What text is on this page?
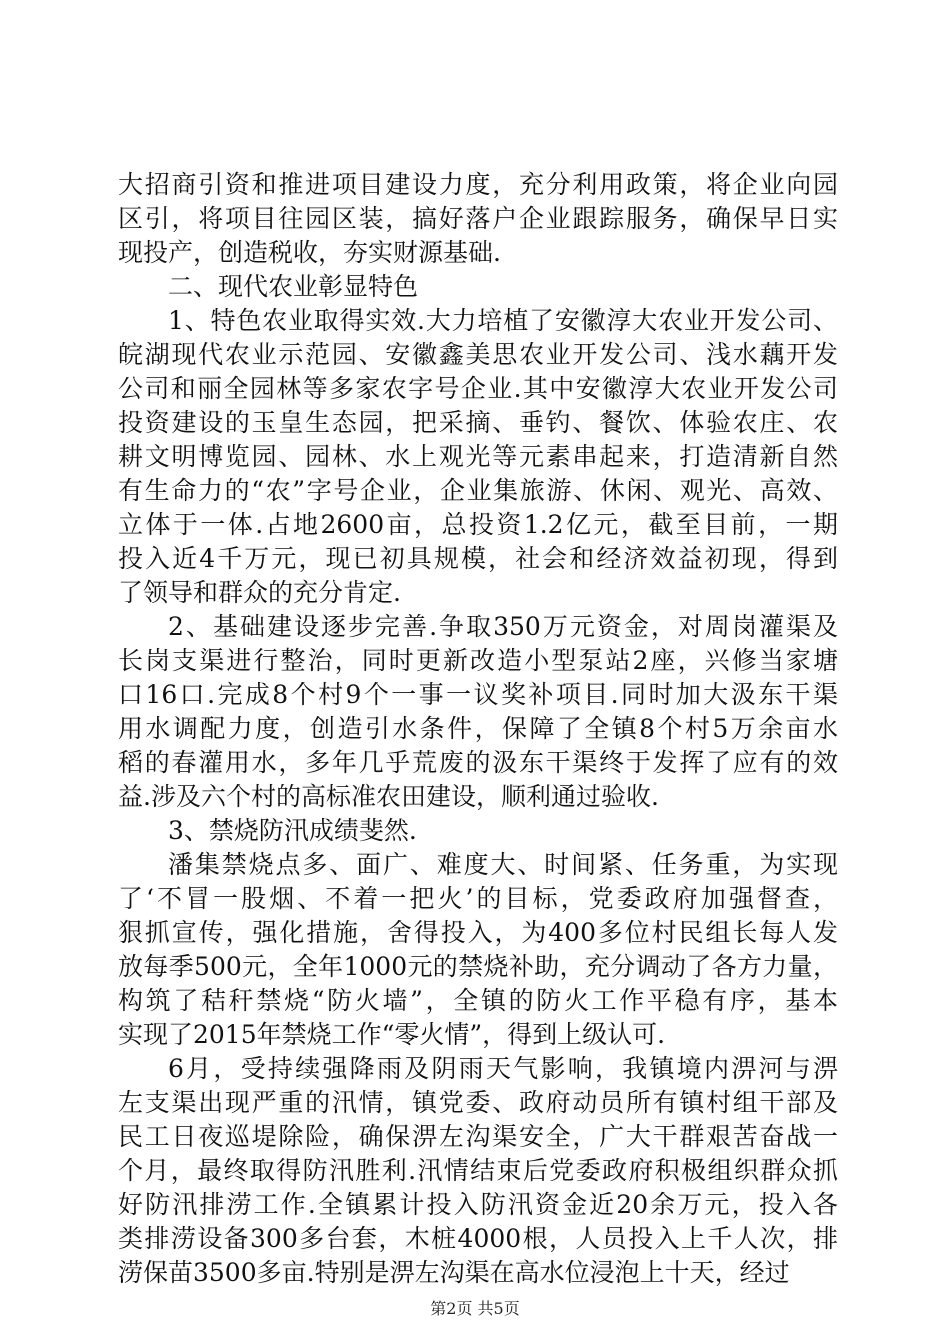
大招商引资和推进项目建设力度，充分利用政策，将企业向园
区引，将项目往园区装，搞好落户企业跟踪服务，确保早日实
现投产，创造税收，夯实财源基础.
二、现代农业彰显特色
1、特色农业取得实效.大力培植了安徽淳大农业开发公司、
皖湖现代农业示范园、安徽鑫美思农业开发公司、浅水藕开发
公司和丽全园林等多家农字号企业.其中安徽淳大农业开发公司
投资建设的玉皇生态园，把采摘、垂钓、餐饮、体验农庄、农
耕文明博览园、园林、水上观光等元素串起来，打造清新自然
有生命力的“农”字号企业，企业集旅游、休闲、观光、高效、
立体于一体.占地2600亩，总投资1.2亿元，截至目前，一期
投入近4千万元，现已初具规模，社会和经济效益初现，得到
了领导和群众的充分肯定.
2、基础建设逐步完善.争取350万元资金，对周岗灌渠及
长岗支渠进行整治，同时更新改造小型泵站2座，兴修当家塘
口16口.完成8个村9个一事一议奖补项目.同时加大汲东干渠
用水调配力度，创造引水条件，保障了全镇8个村5万余亩水
稻的春灌用水，多年几乎荒废的汲东干渠终于发挥了应有的效
益.涉及六个村的高标准农田建设，顺利通过验收.
3、禁烧防汛成绩斐然.
潘集禁烧点多、面广、难度大、时间紧、任务重，为实现
了‘不冒一股烟、不着一把火’的目标，党委政府加强督查，
狠抓宣传，强化措施，舍得投入，为400多位村民组长每人发
放每季500元，全年1000元的禁烧补助，充分调动了各方力量，
构筑了秸秆禁烧“防火墙”，全镇的防火工作平稳有序，基本
实现了2015年禁烧工作“零火情”，得到上级认可.
6月，受持续强降雨及阴雨天气影响，我镇境内淠河与淠
左支渠出现严重的汛情，镇党委、政府动员所有镇村组干部及
民工日夜巡堤除险，确保淠左沟渠安全，广大干群艰苦奋战一
个月，最终取得防汛胜利.汛情结束后党委政府积极组织群众抓
好防汛排涝工作.全镇累计投入防汛资金近20余万元，投入各
类排涝设备300多台套，木桩4000根，人员投入上千人次，排
涝保苗3500多亩.特别是淠左沟渠在高水位浸泡上十天，经过
第2页 共5页
